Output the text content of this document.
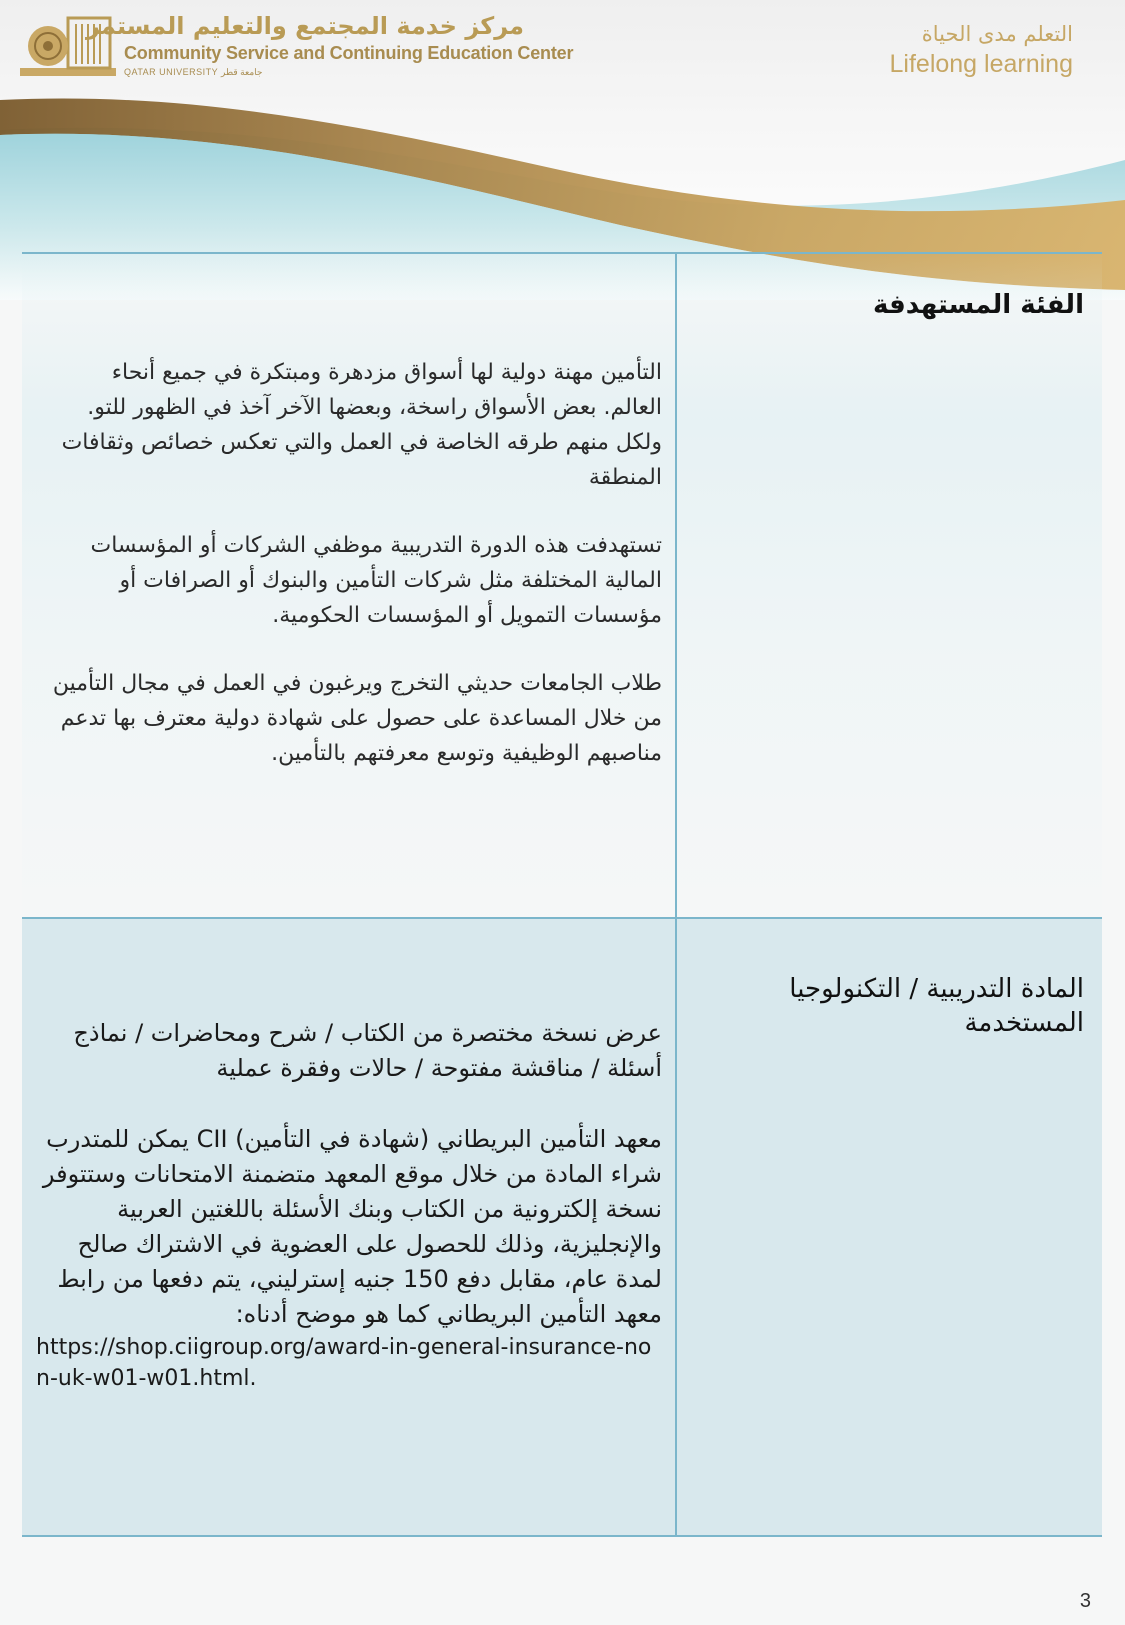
مركز خدمة المجتمع والتعليم المستمر
Community Service and Continuing Education Center
QATAR UNIVERSITY جامعة قطر
التعلم مدى الحياة
Lifelong learning
الفئة المستهدفة

التأمين مهنة دولية لها أسواق مزدهرة ومبتكرة في جميع أنحاء العالم. بعض الأسواق راسخة، وبعضها الآخر آخذ في الظهور للتو. ولكل منهم طرقه الخاصة في العمل والتي تعكس خصائص وثقافات المنطقة

تستهدفت هذه الدورة التدريبية موظفي الشركات أو المؤسسات المالية المختلفة مثل شركات التأمين والبنوك أو الصرافات أو مؤسسات التمويل أو المؤسسات الحكومية.

طلاب الجامعات حديثي التخرج ويرغبون في العمل في مجال التأمين من خلال المساعدة على حصول على شهادة دولية معترف بها تدعم مناصبهم الوظيفية وتوسع معرفتهم بالتأمين.

المادة التدريبية / التكنولوجيا المستخدمة

عرض نسخة مختصرة من الكتاب / شرح ومحاضرات / نماذج أسئلة / مناقشة مفتوحة / حالات وفقرة عملية

معهد التأمين البريطاني (شهادة في التأمين) CII يمكن للمتدرب شراء المادة من خلال موقع المعهد متضمنة الامتحانات وستتوفر نسخة إلكترونية من الكتاب وبنك الأسئلة باللغتين العربية والإنجليزية، وذلك للحصول على العضوية في الاشتراك صالح لمدة عام، مقابل دفع 150 جنيه إسترليني، يتم دفعها من رابط معهد التأمين البريطاني كما هو موضح أدناه:

https://shop.ciigroup.org/award-in-general-insurance-non-uk-w01-w01.html.

3
